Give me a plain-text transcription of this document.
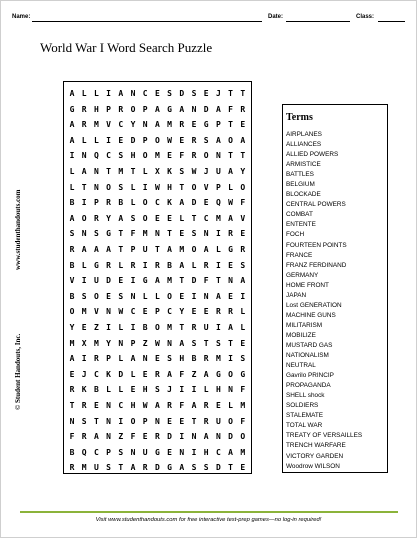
Name:	Date:	Class:
World War I Word Search Puzzle
A L L I A N C E S D S E J T T
G R H P R O P A G A N D A F R
A R M V C Y N A M R E G P T E
A L L I E D P O W E R S A O A
I N Q C S H O M E F R O N T T
L A N T M T L X K S W J U A Y
L T N O S L I W H T O V P L O
B I P R B L O C K A D E Q W F
A O R Y A S O E E L T C M A V
S N S G T F M N T E S N I R E
R A A A T P U T A M O A L G R
B L G R L R I R B A L R I E S
V I U D E I G A M T D F T N A
B S O E S N L L O E I N A E I
O M V N W C E P C Y E E R R L
Y E Z I L I B O M T R U I A L
M X M Y N P Z W N A S T S T E
A I R P L A N E S H B R M I S
E J C K D L E R A F Z A G O G
R K B L L E H S J I I L H N F
T R E N C H W A R F A R E L M
N S T N I O P N E E T R U O F
F R A N Z F E R D I N A N D O
B Q C P S N U G E N I H C A M
R M U S T A R D G A S S D T E
Terms
AIRPLANES
ALLIANCES
ALLIED POWERS
ARMISTICE
BATTLES
BELGIUM
BLOCKADE
CENTRAL POWERS
COMBAT
ENTENTE
FOCH
FOURTEEN POINTS
FRANCE
FRANZ FERDINAND
GERMANY
HOME FRONT
JAPAN
Lost GENERATION
MACHINE GUNS
MILITARISM
MOBILIZE
MUSTARD GAS
NATIONALISM
NEUTRAL
Gavrilo PRINCIP
PROPAGANDA
SHELL shock
SOLDIERS
STALEMATE
TOTAL WAR
TREATY OF VERSAILLES
TRENCH WARFARE
VICTORY GARDEN
Woodrow WILSON
www.studenthandouts.com
© Student Handouts, Inc.
Visit www.studenthandouts.com for free interactive test-prep games—no log-in required!
